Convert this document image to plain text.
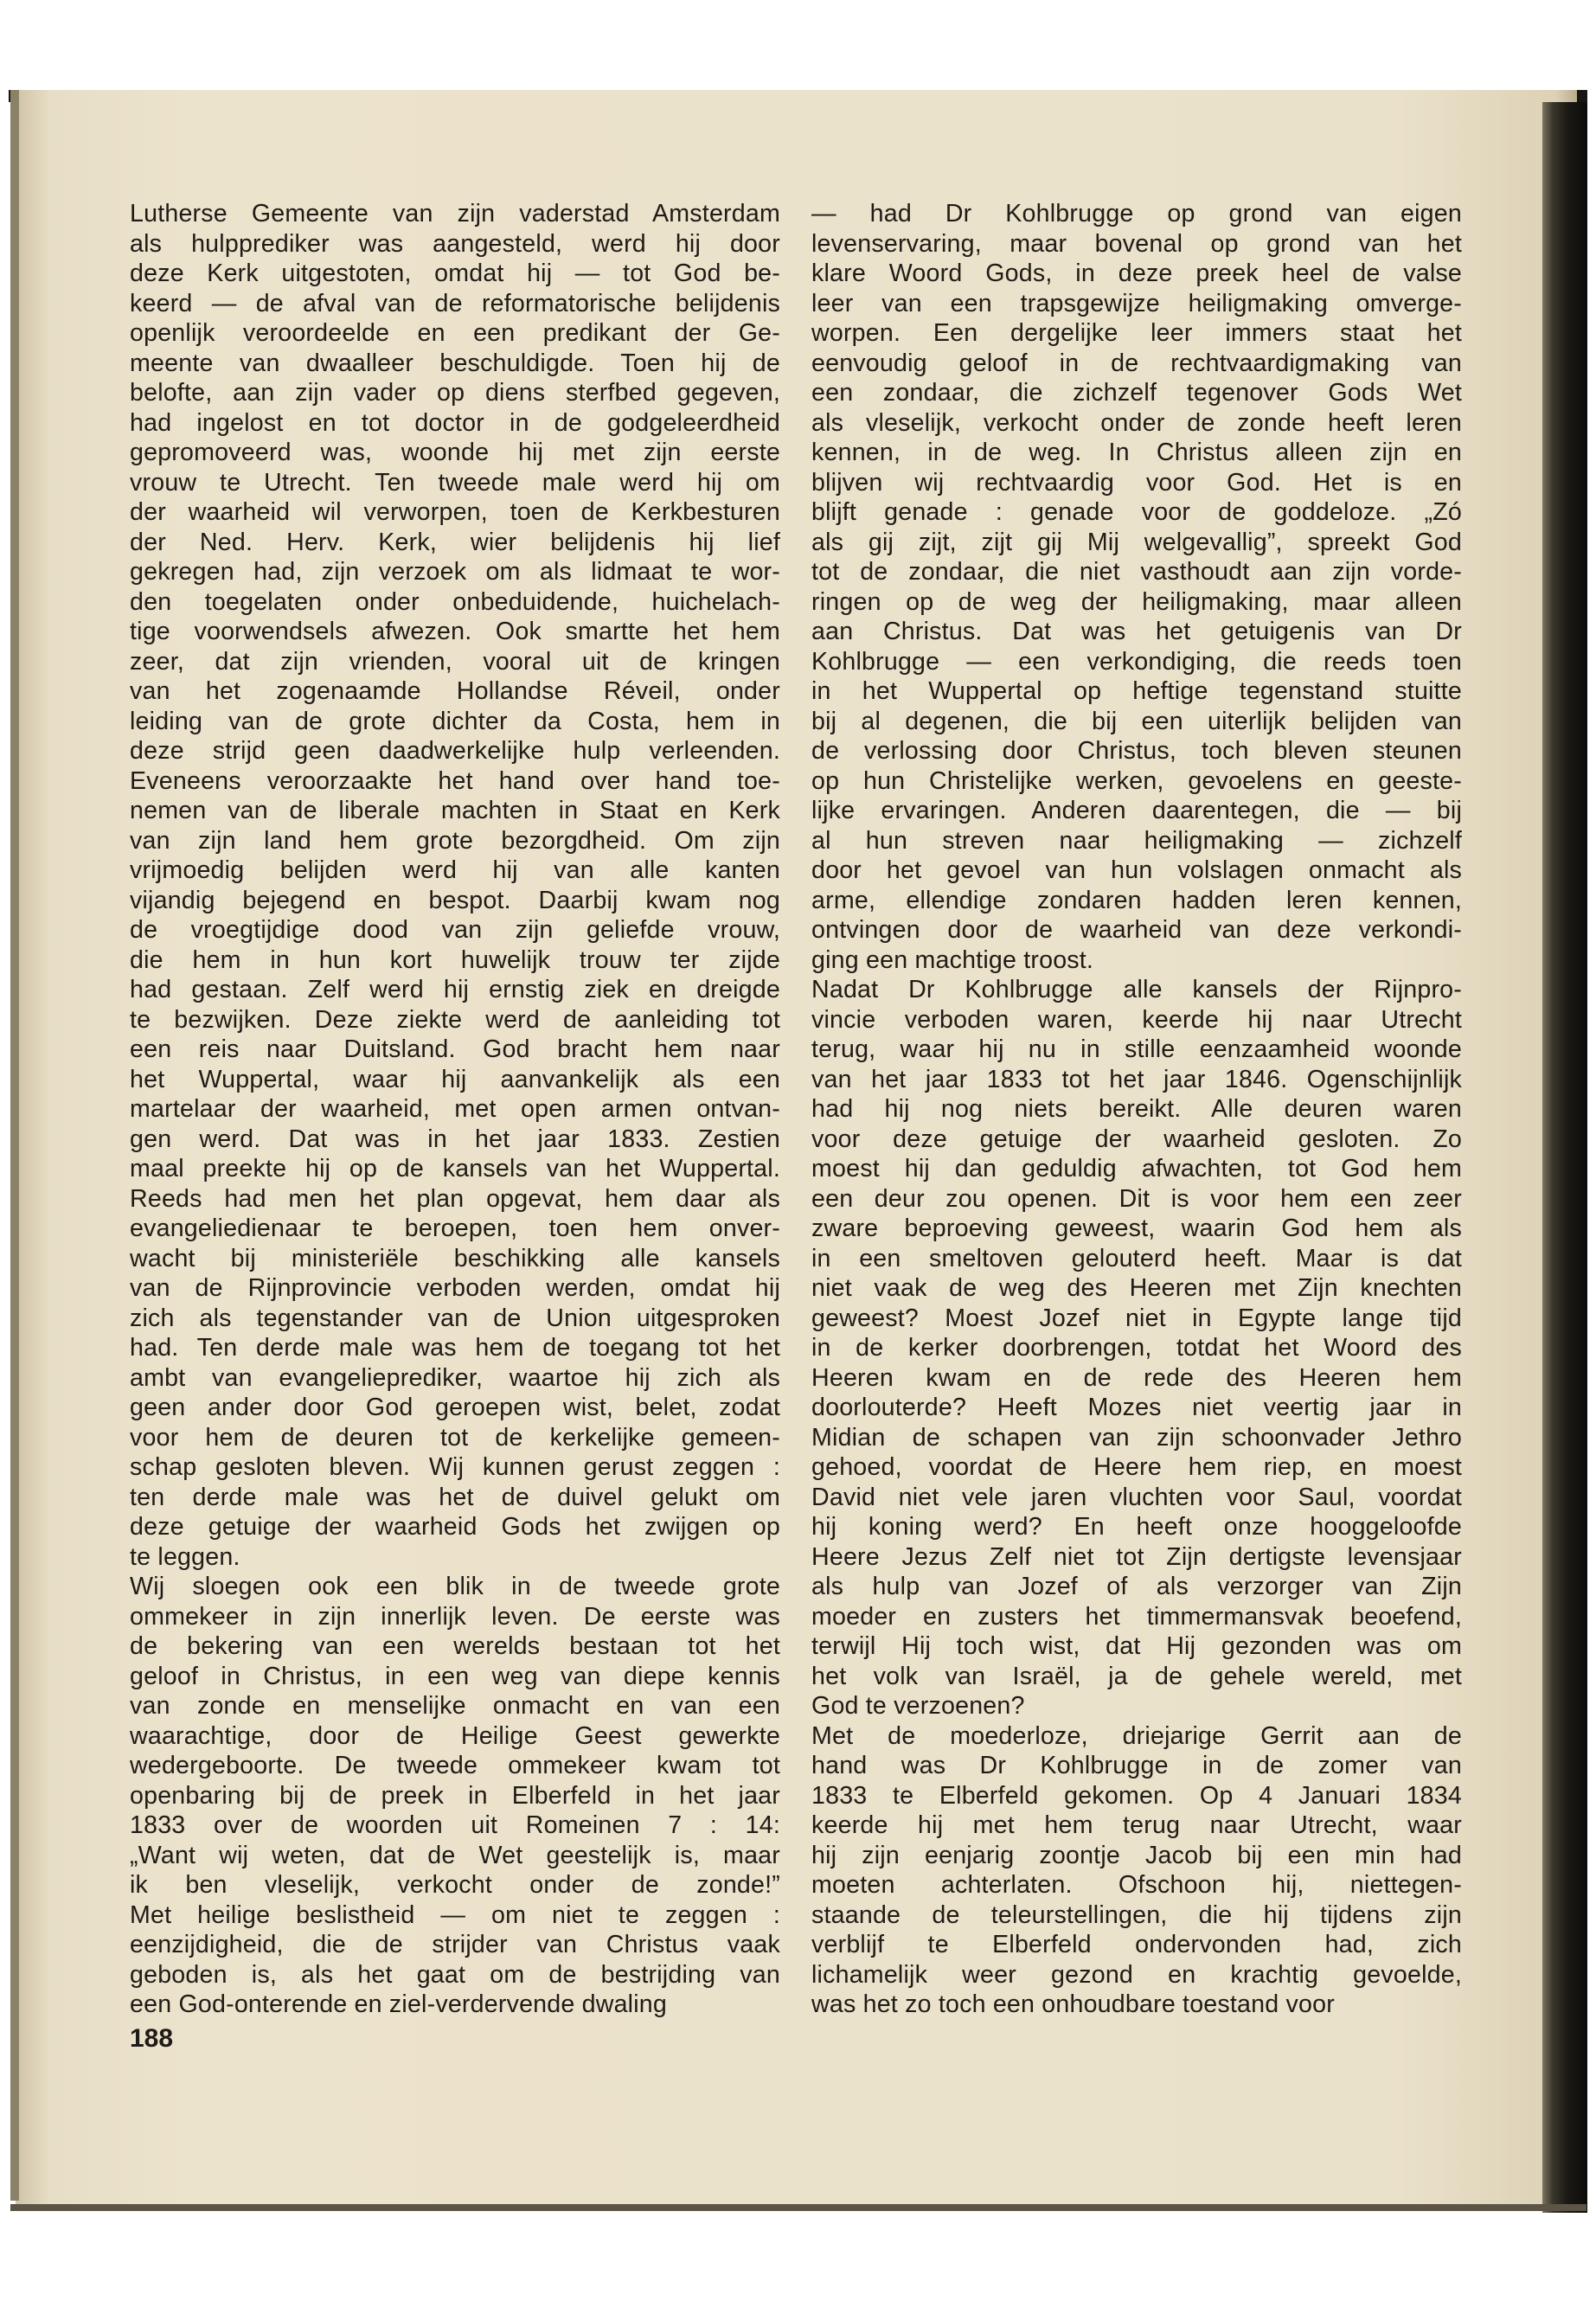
Lutherse Gemeente van zijn vaderstad Amsterdam
als hulpprediker was aangesteld, werd hij door
deze Kerk uitgestoten, omdat hij — tot God be-
keerd — de afval van de reformatorische belijdenis
openlijk veroordeelde en een predikant der Ge-
meente van dwaalleer beschuldigde. Toen hij de
belofte, aan zijn vader op diens sterfbed gegeven,
had ingelost en tot doctor in de godgeleerdheid
gepromoveerd was, woonde hij met zijn eerste
vrouw te Utrecht. Ten tweede male werd hij om
der waarheid wil verworpen, toen de Kerkbesturen
der Ned. Herv. Kerk, wier belijdenis hij lief
gekregen had, zijn verzoek om als lidmaat te wor-
den toegelaten onder onbeduidende, huichelach-
tige voorwendsels afwezen. Ook smartte het hem
zeer, dat zijn vrienden, vooral uit de kringen
van het zogenaamde Hollandse Réveil, onder
leiding van de grote dichter da Costa, hem in
deze strijd geen daadwerkelijke hulp verleenden.
Eveneens veroorzaakte het hand over hand toe-
nemen van de liberale machten in Staat en Kerk
van zijn land hem grote bezorgdheid. Om zijn
vrijmoedig belijden werd hij van alle kanten
vijandig bejegend en bespot. Daarbij kwam nog
de vroegtijdige dood van zijn geliefde vrouw,
die hem in hun kort huwelijk trouw ter zijde
had gestaan. Zelf werd hij ernstig ziek en dreigde
te bezwijken. Deze ziekte werd de aanleiding tot
een reis naar Duitsland. God bracht hem naar
het Wuppertal, waar hij aanvankelijk als een
martelaar der waarheid, met open armen ontvan-
gen werd. Dat was in het jaar 1833. Zestien
maal preekte hij op de kansels van het Wuppertal.
Reeds had men het plan opgevat, hem daar als
evangeliedienaar te beroepen, toen hem onver-
wacht bij ministeriële beschikking alle kansels
van de Rijnprovincie verboden werden, omdat hij
zich als tegenstander van de Union uitgesproken
had. Ten derde male was hem de toegang tot het
ambt van evangelieprediker, waartoe hij zich als
geen ander door God geroepen wist, belet, zodat
voor hem de deuren tot de kerkelijke gemeen-
schap gesloten bleven. Wij kunnen gerust zeggen :
ten derde male was het de duivel gelukt om
deze getuige der waarheid Gods het zwijgen op
te leggen.
Wij sloegen ook een blik in de tweede grote
ommekeer in zijn innerlijk leven. De eerste was
de bekering van een werelds bestaan tot het
geloof in Christus, in een weg van diepe kennis
van zonde en menselijke onmacht en van een
waarachtige, door de Heilige Geest gewerkte
wedergeboorte. De tweede ommekeer kwam tot
openbaring bij de preek in Elberfeld in het jaar
1833 over de woorden uit Romeinen 7 : 14:
„Want wij weten, dat de Wet geestelijk is, maar
ik ben vleselijk, verkocht onder de zonde!”
Met heilige beslistheid — om niet te zeggen :
eenzijdigheid, die de strijder van Christus vaak
geboden is, als het gaat om de bestrijding van
een God-onterende en ziel-verdervende dwaling
— had Dr Kohlbrugge op grond van eigen
levenservaring, maar bovenal op grond van het
klare Woord Gods, in deze preek heel de valse
leer van een trapsgewijze heiligmaking omverge-
worpen. Een dergelijke leer immers staat het
eenvoudig geloof in de rechtvaardigmaking van
een zondaar, die zichzelf tegenover Gods Wet
als vleselijk, verkocht onder de zonde heeft leren
kennen, in de weg. In Christus alleen zijn en
blijven wij rechtvaardig voor God. Het is en
blijft genade : genade voor de goddeloze. „Zó
als gij zijt, zijt gij Mij welgevallig”, spreekt God
tot de zondaar, die niet vasthoudt aan zijn vorde-
ringen op de weg der heiligmaking, maar alleen
aan Christus. Dat was het getuigenis van Dr
Kohlbrugge — een verkondiging, die reeds toen
in het Wuppertal op heftige tegenstand stuitte
bij al degenen, die bij een uiterlijk belijden van
de verlossing door Christus, toch bleven steunen
op hun Christelijke werken, gevoelens en geeste-
lijke ervaringen. Anderen daarentegen, die — bij
al hun streven naar heiligmaking — zichzelf
door het gevoel van hun volslagen onmacht als
arme, ellendige zondaren hadden leren kennen,
ontvingen door de waarheid van deze verkondi-
ging een machtige troost.
Nadat Dr Kohlbrugge alle kansels der Rijnpro-
vincie verboden waren, keerde hij naar Utrecht
terug, waar hij nu in stille eenzaamheid woonde
van het jaar 1833 tot het jaar 1846. Ogenschijnlijk
had hij nog niets bereikt. Alle deuren waren
voor deze getuige der waarheid gesloten. Zo
moest hij dan geduldig afwachten, tot God hem
een deur zou openen. Dit is voor hem een zeer
zware beproeving geweest, waarin God hem als
in een smeltoven gelouterd heeft. Maar is dat
niet vaak de weg des Heeren met Zijn knechten
geweest? Moest Jozef niet in Egypte lange tijd
in de kerker doorbrengen, totdat het Woord des
Heeren kwam en de rede des Heeren hem
doorlouterde? Heeft Mozes niet veertig jaar in
Midian de schapen van zijn schoonvader Jethro
gehoed, voordat de Heere hem riep, en moest
David niet vele jaren vluchten voor Saul, voordat
hij koning werd? En heeft onze hooggeloofde
Heere Jezus Zelf niet tot Zijn dertigste levensjaar
als hulp van Jozef of als verzorger van Zijn
moeder en zusters het timmermansvak beoefend,
terwijl Hij toch wist, dat Hij gezonden was om
het volk van Israël, ja de gehele wereld, met
God te verzoenen?
Met de moederloze, driejarige Gerrit aan de
hand was Dr Kohlbrugge in de zomer van
1833 te Elberfeld gekomen. Op 4 Januari 1834
keerde hij met hem terug naar Utrecht, waar
hij zijn eenjarig zoontje Jacob bij een min had
moeten achterlaten. Ofschoon hij, niettegen-
staande de teleurstellingen, die hij tijdens zijn
verblijf te Elberfeld ondervonden had, zich
lichamelijk weer gezond en krachtig gevoelde,
was het zo toch een onhoudbare toestand voor
188
